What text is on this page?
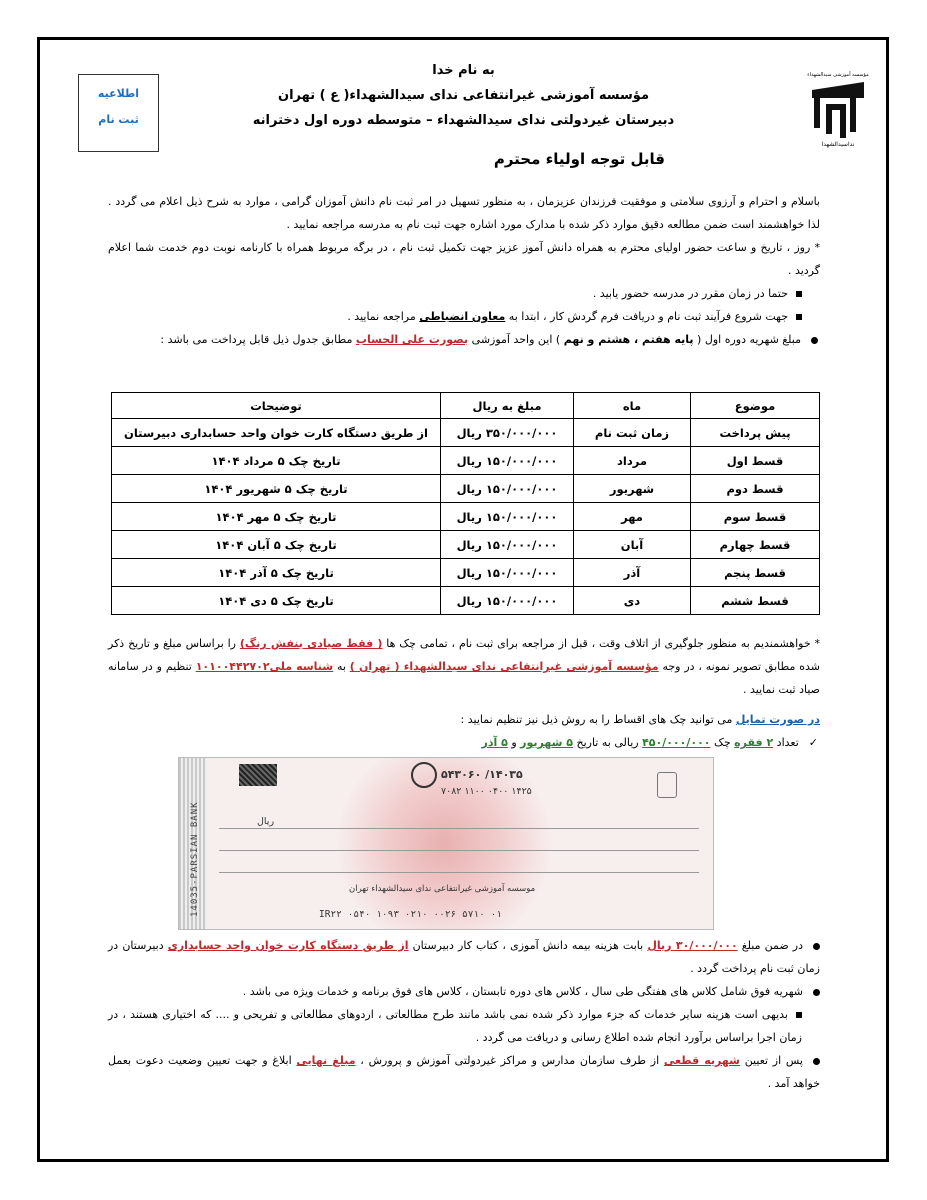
به نام خدا
مؤسسه آموزشی غیرانتفاعی ندای سیدالشهداء( ع ) تهران
دبیرستان غیردولتی ندای سیدالشهداء – متوسطه دوره اول دخترانه
اطلاعیه
ثبت نام
مؤسسه آموزشی سیدالشهداء
نداسیدالشهدا
قابل توجه اولیاء محترم
باسلام و احترام و آرزوی سلامتی و موفقیت فرزندان عزیزمان ، به منظور تسهیل در امر ثبت نام دانش آموزان گرامی ، موارد به شرح ذیل اعلام می گردد . لذا خواهشمند است ضمن مطالعه دقیق موارد ذکر شده با مدارک مورد اشاره جهت ثبت نام به مدرسه مراجعه نمایید .
* روز ، تاریخ و ساعت حضور اولیای محترم به همراه دانش آموز عزیز جهت تکمیل ثبت نام ، در برگه مربوط همراه با کارنامه نوبت دوم خدمت شما اعلام گردید .
حتما در زمان مقرر در مدرسه حضور یابید .
جهت شروع فرآیند ثبت نام و دریافت فرم گردش کار ، ابتدا به معاون انضباطی مراجعه نمایید .
مبلغ شهریه دوره اول ( پایه هفتم ، هشتم و نهم ) این واحد آموزشی بصورت علی الحساب مطابق جدول ذیل قابل پرداخت می باشد :
موضوع	ماه	مبلغ به ریال	توضیحات
پیش پرداخت	زمان ثبت نام	۳۵۰/۰۰۰/۰۰۰ ریال	از طریق دستگاه کارت خوان واحد حسابداری دبیرستان
قسط اول	مرداد	۱۵۰/۰۰۰/۰۰۰ ریال	تاریخ چک ۵ مرداد ۱۴۰۴
قسط دوم	شهریور	۱۵۰/۰۰۰/۰۰۰ ریال	تاریخ چک ۵ شهریور ۱۴۰۴
قسط سوم	مهر	۱۵۰/۰۰۰/۰۰۰ ریال	تاریخ چک ۵ مهر ۱۴۰۴
قسط چهارم	آبان	۱۵۰/۰۰۰/۰۰۰ ریال	تاریخ چک ۵ آبان ۱۴۰۴
قسط پنجم	آذر	۱۵۰/۰۰۰/۰۰۰ ریال	تاریخ چک ۵ آذر ۱۴۰۴
قسط ششم	دی	۱۵۰/۰۰۰/۰۰۰ ریال	تاریخ چک ۵ دی ۱۴۰۴
* خواهشمندیم به منظور جلوگیری از اتلاف وقت ، قبل از مراجعه برای ثبت نام ، تمامی چک ها ( فقط صیادی بنفش رنگ) را براساس مبلغ و تاریخ ذکر شده مطابق تصویر نمونه ، در وجه مؤسسه آموزشی غیرانتفاعی ندای سیدالشهداء ( تهران ) به شناسه ملی۱۰۱۰۰۴۴۲۷۰۲ تنظیم و در سامانه صیاد ثبت نمایید .
در صورت تمایل می توانید چک های اقساط را به روش ذیل نیز تنظیم نمایید :
✓تعداد ۲ فقره چک ۴۵۰/۰۰۰/۰۰۰ ریالی به تاریخ ۵ شهریور و ۵ آذر
14035-PARSIAN BANK
۱۴۰۳۵/ ۵۴۳۰۶۰
۱۴۲۵ ۰۴۰۰ ۱۱۰۰ ۷۰۸۲
ریال
موسسه آموزشی غیرانتفاعی ندای سیدالشهداء تهران
IR۲۲ ۰۵۴۰ ۱۰۹۳ ۰۲۱۰ ۰۰۲۶ ۵۷۱۰ ۰۱
در ضمن مبلغ ۳۰/۰۰۰/۰۰۰ ریال بابت هزینه بیمه دانش آموزی ، کتاب کار دبیرستان از طریق دستگاه کارت خوان واحد حسابداری دبیرستان در زمان ثبت نام پرداخت گردد .
شهریه فوق شامل کلاس های هفتگی طی سال ، کلاس های دوره تابستان ، کلاس های فوق برنامه و خدمات ویژه می باشد .
بدیهی است هزینه سایر خدمات که جزء موارد ذکر شده نمی باشد مانند طرح مطالعاتی ، اردوهای مطالعاتی و تفریحی و .... که اختیاری هستند ، در زمان اجرا براساس برآورد انجام شده اطلاع رسانی و دریافت می گردد .
پس از تعیین شهریه قطعی از طرف سازمان مدارس و مراکز غیردولتی آموزش و پرورش ، مبلغ نهایی ابلاغ و جهت تعیین وضعیت دعوت بعمل خواهد آمد .
